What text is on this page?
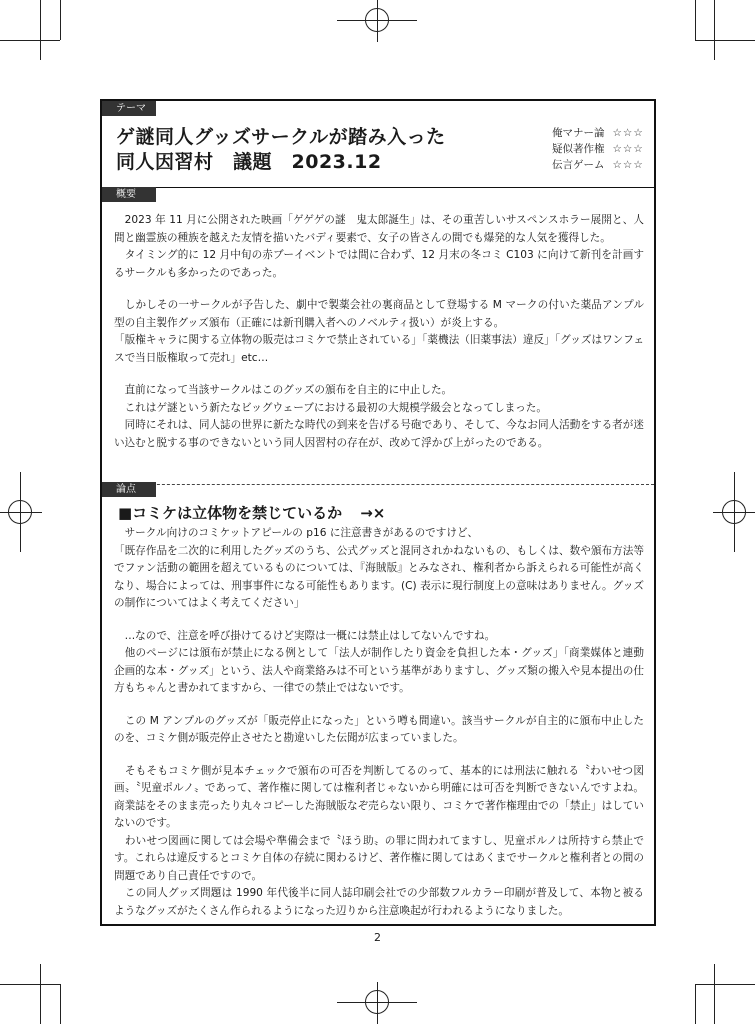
テーマ
ゲ謎同人グッズサークルが踏み入った
同人因習村　議題　2023.12
俺マナー論 ☆☆☆
疑似著作権 ☆☆☆
伝言ゲーム ☆☆☆
概要

　2023 年 11 月に公開された映画「ゲゲゲの謎　鬼太郎誕生」は、その重苦しいサスペンスホラー展開と、人間と幽霊族の種族を越えた友情を描いたバディ要素で、女子の皆さんの間でも爆発的な人気を獲得した。
　タイミング的に 12 月中旬の赤ブーイベントでは間に合わず、12 月末の冬コミ C103 に向けて新刊を計画するサークルも多かったのであった。

　しかしその一サークルが予告した、劇中で製薬会社の裏商品として登場する M マークの付いた薬品アンプル型の自主製作グッズ頒布（正確には新刊購入者へのノベルティ扱い）が炎上する。
「版権キャラに関する立体物の販売はコミケで禁止されている」「薬機法（旧薬事法）違反」「グッズはワンフェスで当日版権取って売れ」etc…

　直前になって当該サークルはこのグッズの頒布を自主的に中止した。
　これはゲ謎という新たなビッグウェーブにおける最初の大規模学級会となってしまった。
　同時にそれは、同人誌の世界に新たな時代の到来を告げる号砲であり、そして、今なお同人活動をする者が迷い込むと脱する事のできないという同人因習村の存在が、改めて浮かび上がったのである。

論点
■コミケは立体物を禁じているか →×

　サークル向けのコミケットアピールの p16 に注意書きがあるのですけど、
「既存作品を二次的に利用したグッズのうち、公式グッズと混同されかねないもの、もしくは、数や頒布方法等でファン活動の範囲を超えているものについては、『海賊版』とみなされ、権利者から訴えられる可能性が高くなり、場合によっては、刑事事件になる可能性もあります。(C) 表示に現行制度上の意味はありません。グッズの制作についてはよく考えてください」

　…なので、注意を呼び掛けてるけど実際は一概には禁止はしてないんですね。
　他のページには頒布が禁止になる例として「法人が制作したり資金を負担した本・グッズ」「商業媒体と連動企画的な本・グッズ」という、法人や商業絡みは不可という基準がありますし、グッズ類の搬入や見本提出の仕方もちゃんと書かれてますから、一律での禁止ではないです。

　この M アンプルのグッズが「販売停止になった」という噂も間違い。該当サークルが自主的に頒布中止したのを、コミケ側が販売停止させたと勘違いした伝聞が広まっていました。

　そもそもコミケ側が見本チェックで頒布の可否を判断してるのって、基本的には刑法に触れる〝わいせつ図画〟〝児童ポルノ〟であって、著作権に関しては権利者じゃないから明確には可否を判断できないんですよね。商業誌をそのまま売ったり丸々コピーした海賊版なぞ売らない限り、コミケで著作権理由での「禁止」はしていないのです。
　わいせつ図画に関しては会場や準備会まで〝ほう助〟の罪に問われてますし、児童ポルノは所持すら禁止です。これらは違反するとコミケ自体の存続に関わるけど、著作権に関してはあくまでサークルと権利者との間の問題であり自己責任ですので。
　この同人グッズ問題は 1990 年代後半に同人誌印刷会社での少部数フルカラー印刷が普及して、本物と被るようなグッズがたくさん作られるようになった辺りから注意喚起が行われるようになりました。

2
